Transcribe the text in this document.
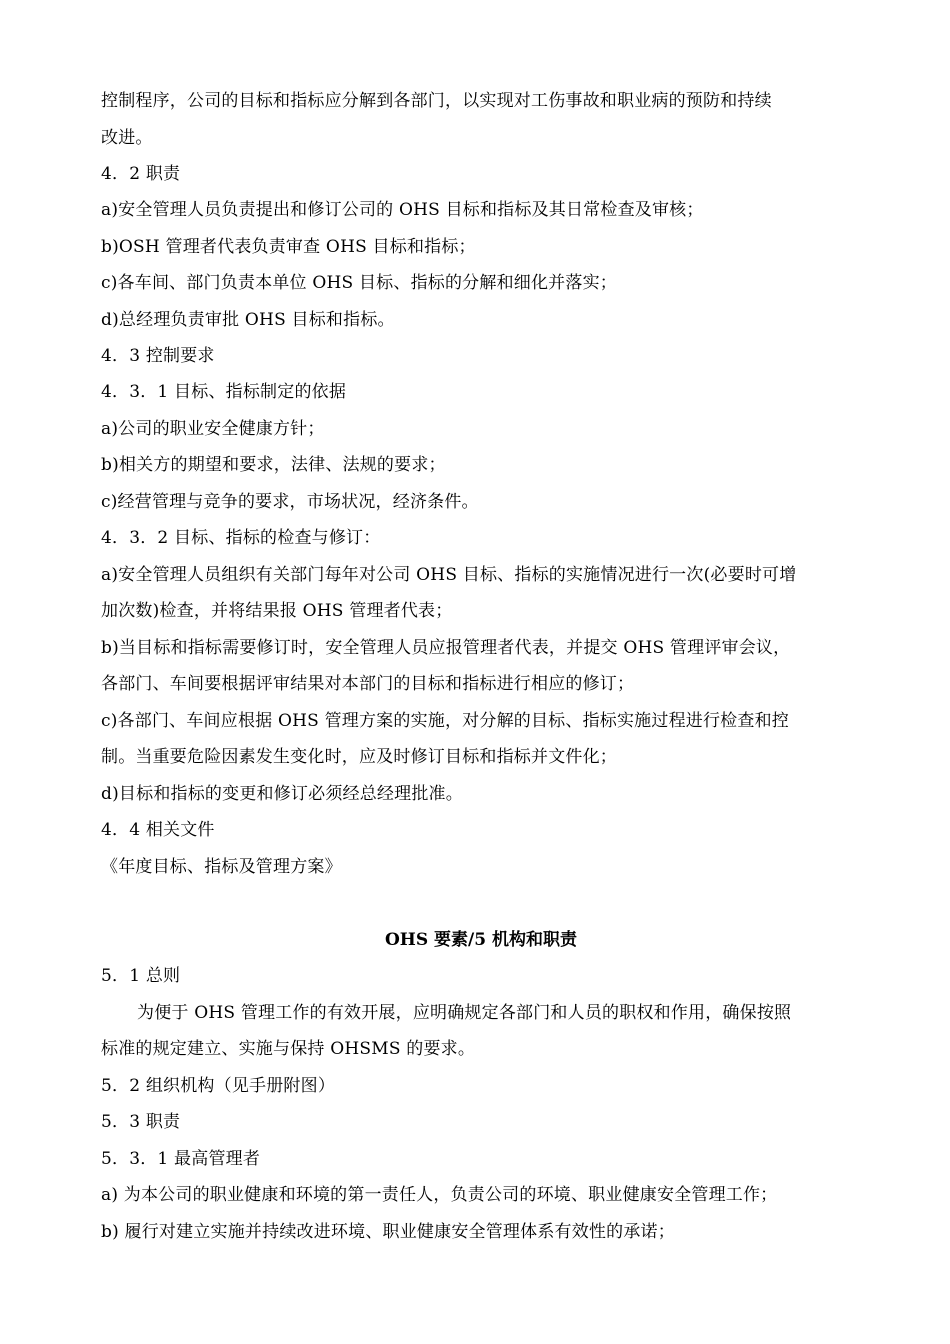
控制程序，公司的目标和指标应分解到各部门，以实现对工伤事故和职业病的预防和持续
改进。
4．2 职责
a)安全管理人员负责提出和修订公司的 OHS 目标和指标及其日常检查及审核；
b)OSH 管理者代表负责审查 OHS 目标和指标；
c)各车间、部门负责本单位 OHS 目标、指标的分解和细化并落实；
d)总经理负责审批 OHS 目标和指标。
4．3 控制要求
4．3．1 目标、指标制定的依据
a)公司的职业安全健康方针；
b)相关方的期望和要求，法律、法规的要求；
c)经营管理与竞争的要求，市场状况，经济条件。
4．3．2 目标、指标的检查与修订：
a)安全管理人员组织有关部门每年对公司 OHS 目标、指标的实施情况进行一次(必要时可增
加次数)检查，并将结果报 OHS 管理者代表；
b)当目标和指标需要修订时，安全管理人员应报管理者代表，并提交 OHS 管理评审会议，
各部门、车间要根据评审结果对本部门的目标和指标进行相应的修订；
c)各部门、车间应根据 OHS 管理方案的实施，对分解的目标、指标实施过程进行检查和控
制。当重要危险因素发生变化时，应及时修订目标和指标并文件化；
d)目标和指标的变更和修订必须经总经理批准。
4．4 相关文件
《年度目标、指标及管理方案》
OHS 要素/5 机构和职责
5．1 总则
为便于 OHS 管理工作的有效开展，应明确规定各部门和人员的职权和作用，确保按照
标准的规定建立、实施与保持 OHSMS 的要求。
5．2 组织机构（见手册附图）
5．3 职责
5．3．1 最高管理者
a) 为本公司的职业健康和环境的第一责任人，负责公司的环境、职业健康安全管理工作；
b) 履行对建立实施并持续改进环境、职业健康安全管理体系有效性的承诺；
